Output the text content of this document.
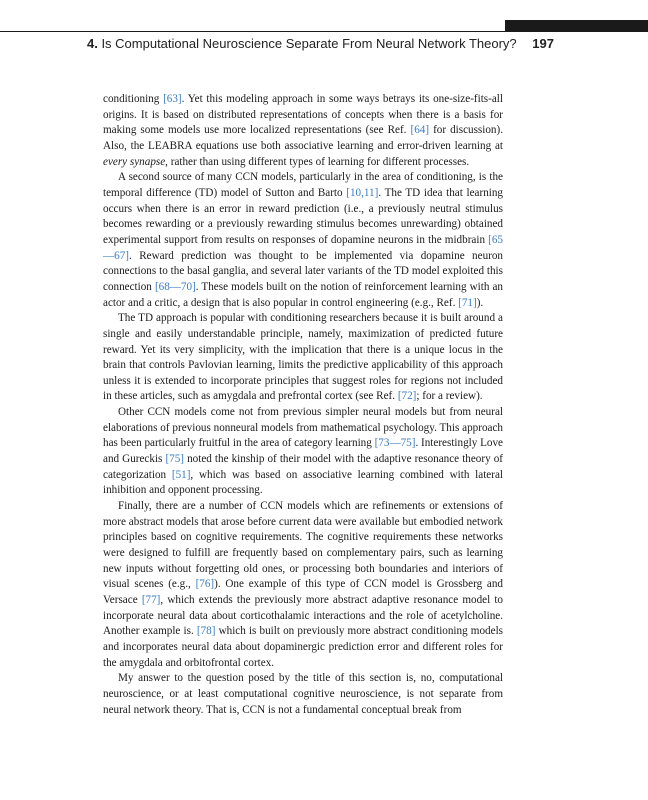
4. Is Computational Neuroscience Separate From Neural Network Theory? 197

conditioning [63]. Yet this modeling approach in some ways betrays its one-size-fits-all origins. It is based on distributed representations of concepts when there is a basis for making some models use more localized representations (see Ref. [64] for discussion). Also, the LEABRA equations use both associative learning and error-driven learning at every synapse, rather than using different types of learning for different processes.

A second source of many CCN models, particularly in the area of conditioning, is the temporal difference (TD) model of Sutton and Barto [10,11]. The TD idea that learning occurs when there is an error in reward prediction (i.e., a previously neutral stimulus becomes rewarding or a previously rewarding stimulus becomes unrewarding) obtained experimental support from results on responses of dopamine neurons in the midbrain [65—67]. Reward prediction was thought to be implemented via dopamine neuron connections to the basal ganglia, and several later variants of the TD model exploited this connection [68—70]. These models built on the notion of reinforcement learning with an actor and a critic, a design that is also popular in control engineering (e.g., Ref. [71]).

The TD approach is popular with conditioning researchers because it is built around a single and easily understandable principle, namely, maximization of predicted future reward. Yet its very simplicity, with the implication that there is a unique locus in the brain that controls Pavlovian learning, limits the predictive applicability of this approach unless it is extended to incorporate principles that suggest roles for regions not included in these articles, such as amygdala and prefrontal cortex (see Ref. [72]; for a review).

Other CCN models come not from previous simpler neural models but from neural elaborations of previous nonneural models from mathematical psychology. This approach has been particularly fruitful in the area of category learning [73—75]. Interestingly Love and Gureckis [75] noted the kinship of their model with the adaptive resonance theory of categorization [51], which was based on associative learning combined with lateral inhibition and opponent processing.

Finally, there are a number of CCN models which are refinements or extensions of more abstract models that arose before current data were available but embodied network principles based on cognitive requirements. The cognitive requirements these networks were designed to fulfill are frequently based on complementary pairs, such as learning new inputs without forgetting old ones, or processing both boundaries and interiors of visual scenes (e.g., [76]). One example of this type of CCN model is Grossberg and Versace [77], which extends the previously more abstract adaptive resonance model to incorporate neural data about corticothalamic interactions and the role of acetylcholine. Another example is. [78] which is built on previously more abstract conditioning models and incorporates neural data about dopaminergic prediction error and different roles for the amygdala and orbitofrontal cortex.

My answer to the question posed by the title of this section is, no, computational neuroscience, or at least computational cognitive neuroscience, is not separate from neural network theory. That is, CCN is not a fundamental conceptual break from
